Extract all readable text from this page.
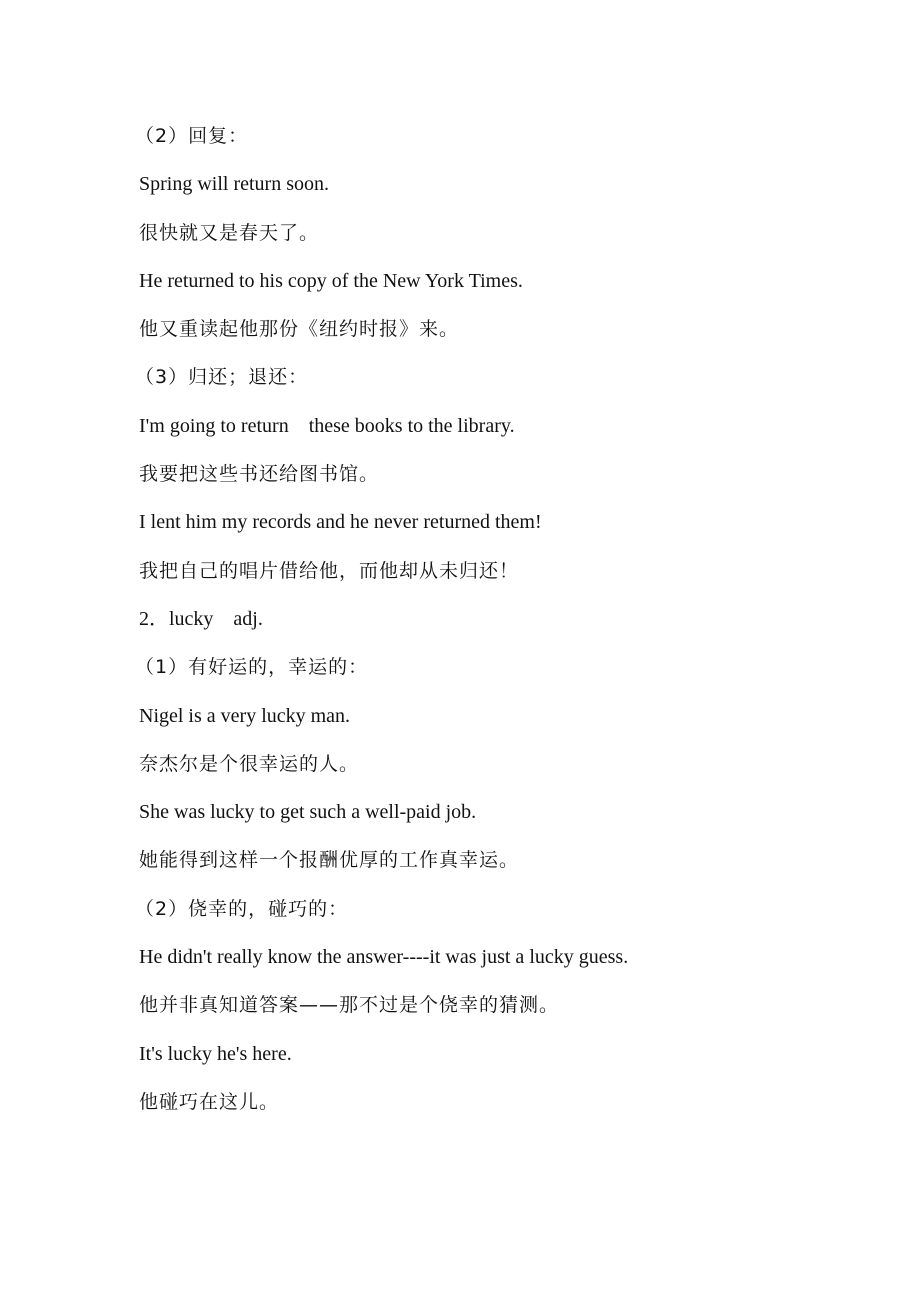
（2）回复：
Spring will return soon.
很快就又是春天了。
He returned to his copy of the New York Times.
他又重读起他那份《纽约时报》来。
（3）归还；退还：
I'm going to return    these books to the library.
我要把这些书还给图书馆。
I lent him my records and he never returned them!
我把自己的唱片借给他，而他却从未归还！
2．lucky    adj.
（1）有好运的，幸运的：
Nigel is a very lucky man.
奈杰尔是个很幸运的人。
She was lucky to get such a well-paid job.
她能得到这样一个报酬优厚的工作真幸运。
（2）侥幸的，碰巧的：
He didn't really know the answer----it was just a lucky guess.
他并非真知道答案——那不过是个侥幸的猜测。
It's lucky he's here.
他碰巧在这儿。
